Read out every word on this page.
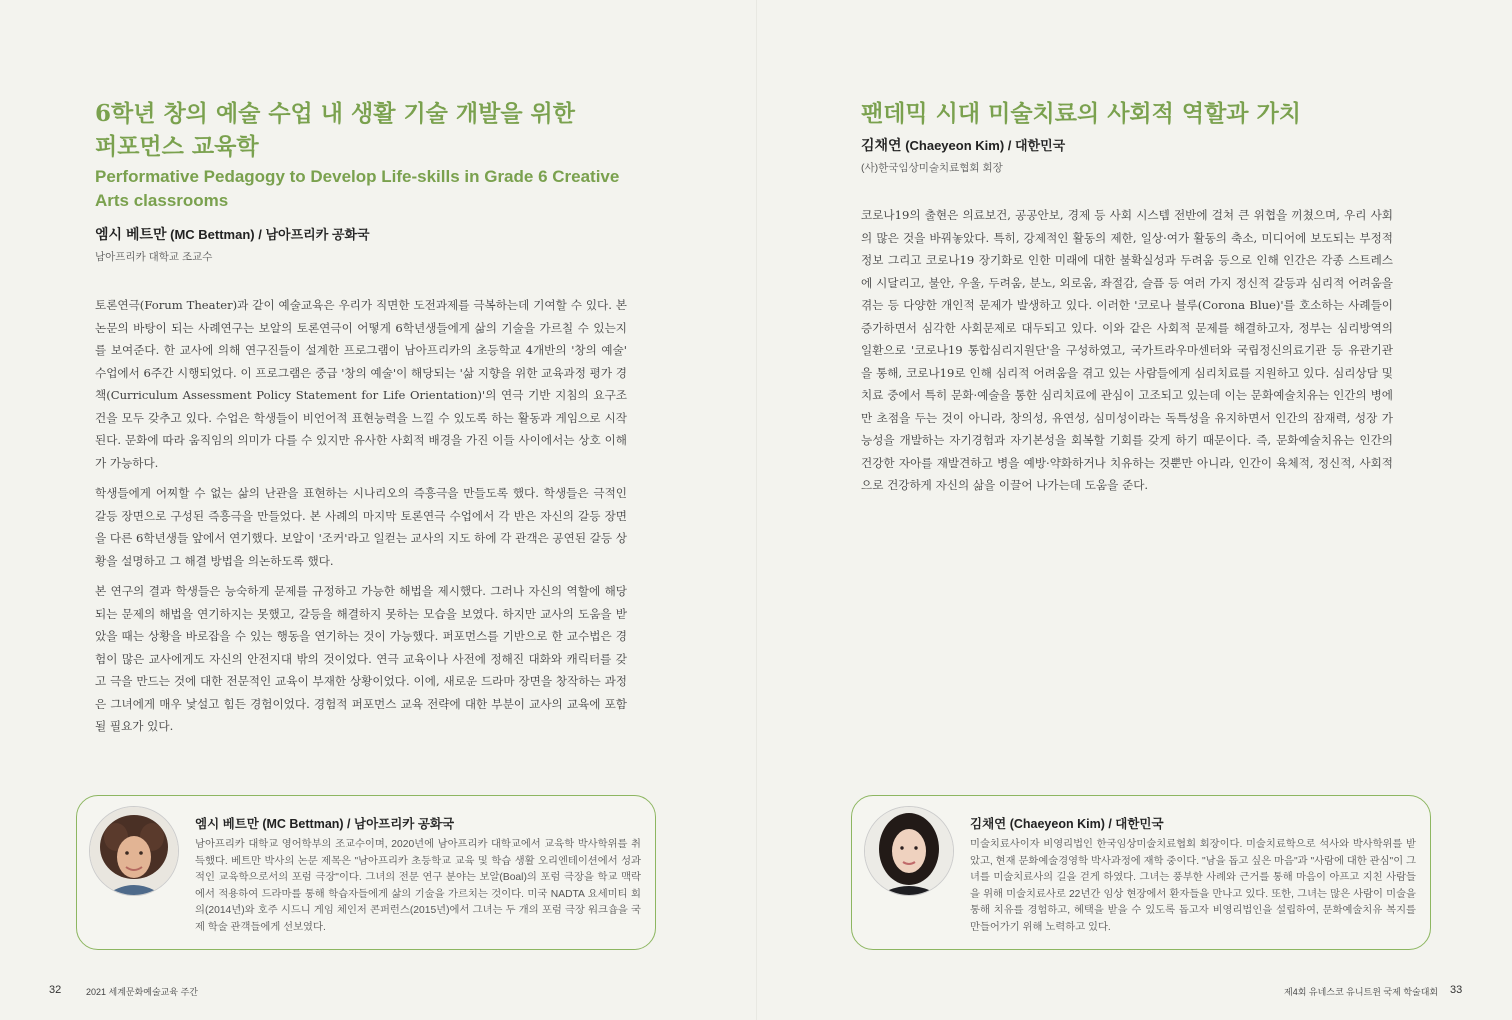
6학년 창의 예술 수업 내 생활 기술 개발을 위한
퍼포먼스 교육학
Performative Pedagogy to Develop Life-skills in Grade 6 Creative
Arts classrooms
엠시 베트만 (MC Bettman) / 남아프리카 공화국
남아프리카 대학교 조교수

토론연극(Forum Theater)과 같이 예술교육은 우리가 직면한 도전과제를 극복하는데 기여할 수 있다. 본 논문의 바탕이 되는 사례연구는 보알의 토론연극이 어떻게 6학년생들에게 삶의 기술을 가르칠 수 있는지를 보여준다. 한 교사에 의해 연구진들이 설계한 프로그램이 남아프리카의 초등학교 4개반의 '창의 예술' 수업에서 6주간 시행되었다. 이 프로그램은 중급 '창의 예술'이 해당되는 '삶 지향을 위한 교육과정 평가 경책(Curriculum Assessment Policy Statement for Life Orientation)'의 연극 기반 지침의 요구조건을 모두 갖추고 있다. 수업은 학생들이 비언어적 표현능력을 느낄 수 있도록 하는 활동과 게임으로 시작된다. 문화에 따라 움직임의 의미가 다를 수 있지만 유사한 사회적 배경을 가진 이들 사이에서는 상호 이해가 가능하다.

학생들에게 어찌할 수 없는 삶의 난관을 표현하는 시나리오의 즉흥극을 만들도록 했다. 학생들은 극적인 갈등 장면으로 구성된 즉흥극을 만들었다. 본 사례의 마지막 토론연극 수업에서 각 반은 자신의 갈등 장면을 다른 6학년생들 앞에서 연기했다. 보알이 '조커'라고 일컫는 교사의 지도 하에 각 관객은 공연된 갈등 상황을 설명하고 그 해결 방법을 의논하도록 했다.

본 연구의 결과 학생들은 능숙하게 문제를 규정하고 가능한 해법을 제시했다. 그러나 자신의 역할에 해당되는 문제의 해법을 연기하지는 못했고, 갈등을 해결하지 못하는 모습을 보였다. 하지만 교사의 도움을 받았을 때는 상황을 바로잡을 수 있는 행동을 연기하는 것이 가능했다. 퍼포먼스를 기반으로 한 교수법은 경험이 많은 교사에게도 자신의 안전지대 밖의 것이었다. 연극 교육이나 사전에 정해진 대화와 캐릭터를 갖고 극을 만드는 것에 대한 전문적인 교육이 부재한 상황이었다. 이에, 새로운 드라마 장면을 창작하는 과정은 그녀에게 매우 낯설고 힘든 경험이었다. 경험적 퍼포먼스 교육 전략에 대한 부분이 교사의 교육에 포함될 필요가 있다.

엠시 베트만 (MC Bettman) / 남아프리카 공화국
남아프리카 대학교 영어학부의 조교수이며, 2020년에 남아프리카 대학교에서 교육학 박사학위를 취득했다. 베트만 박사의 논문 제목은 "남아프리카 초등학교 교육 및 학습 생활 오리엔테이션에서 성과적인 교육학으로서의 포럼 극장"이다. 그녀의 전문 연구 분야는 보알(Boal)의 포럼 극장을 학교 맥락에서 적용하여 드라마를 통해 학습자들에게 삶의 기술을 가르치는 것이다. 미국 NADTA 요세미티 회의(2014년)와 호주 시드니 게임 체인저 콘퍼런스(2015년)에서 그녀는 두 개의 포럼 극장 워크숍을 국제 학술 관객들에게 선보였다.
32	2021 세계문화예술교육 주간
팬데믹 시대 미술치료의 사회적 역할과 가치
김채연 (Chaeyeon Kim) / 대한민국
(사)한국임상미술치료협회 회장

코로나19의 출현은 의료보건, 공공안보, 경제 등 사회 시스템 전반에 걸쳐 큰 위협을 끼쳤으며, 우리 사회의 많은 것을 바꿔놓았다. 특히, 강제적인 활동의 제한, 일상·여가 활동의 축소, 미디어에 보도되는 부정적 정보 그리고 코로나19 장기화로 인한 미래에 대한 불확실성과 두려움 등으로 인해 인간은 각종 스트레스에 시달리고, 불안, 우울, 두려움, 분노, 외로움, 좌절감, 슬픔 등 여러 가지 정신적 갈등과 심리적 어려움을 겪는 등 다양한 개인적 문제가 발생하고 있다. 이러한 '코로나 블루(Corona Blue)'를 호소하는 사례들이 증가하면서 심각한 사회문제로 대두되고 있다. 이와 같은 사회적 문제를 해결하고자, 정부는 심리방역의 일환으로 '코로나19 통합심리지원단'을 구성하였고, 국가트라우마센터와 국립정신의료기관 등 유관기관을 통해, 코로나19로 인해 심리적 어려움을 겪고 있는 사람들에게 심리치료를 지원하고 있다. 심리상담 및 치료 중에서 특히 문화·예술을 통한 심리치료에 관심이 고조되고 있는데 이는 문화예술치유는 인간의 병에만 초점을 두는 것이 아니라, 창의성, 유연성, 심미성이라는 독특성을 유지하면서 인간의 잠재력, 성장 가능성을 개발하는 자기경험과 자기본성을 회복할 기회를 갖게 하기 때문이다. 즉, 문화예술치유는 인간의 건강한 자아를 재발견하고 병을 예방·약화하거나 치유하는 것뿐만 아니라, 인간이 육체적, 정신적, 사회적으로 건강하게 자신의 삶을 이끌어 나가는데 도움을 준다.

김채연 (Chaeyeon Kim) / 대한민국
미술치료사이자 비영리법인 한국임상미술치료협회 회장이다. 미술치료학으로 석사와 박사학위를 받았고, 현재 문화예술경영학 박사과정에 재학 중이다. "남을 돕고 싶은 마음"과 "사람에 대한 관심"이 그녀를 미술치료사의 길을 걷게 하였다. 그녀는 풍부한 사례와 근거를 통해 마음이 아프고 지친 사람들을 위해 미술치료사로 22년간 임상 현장에서 환자들을 만나고 있다. 또한, 그녀는 많은 사람이 미술을 통해 치유를 경험하고, 혜택을 받을 수 있도록 돕고자 비영리법인을 설립하여, 문화예술치유 복지를 만들어가기 위해 노력하고 있다.
제4회 유네스코 유니트윈 국제 학술대회 33
